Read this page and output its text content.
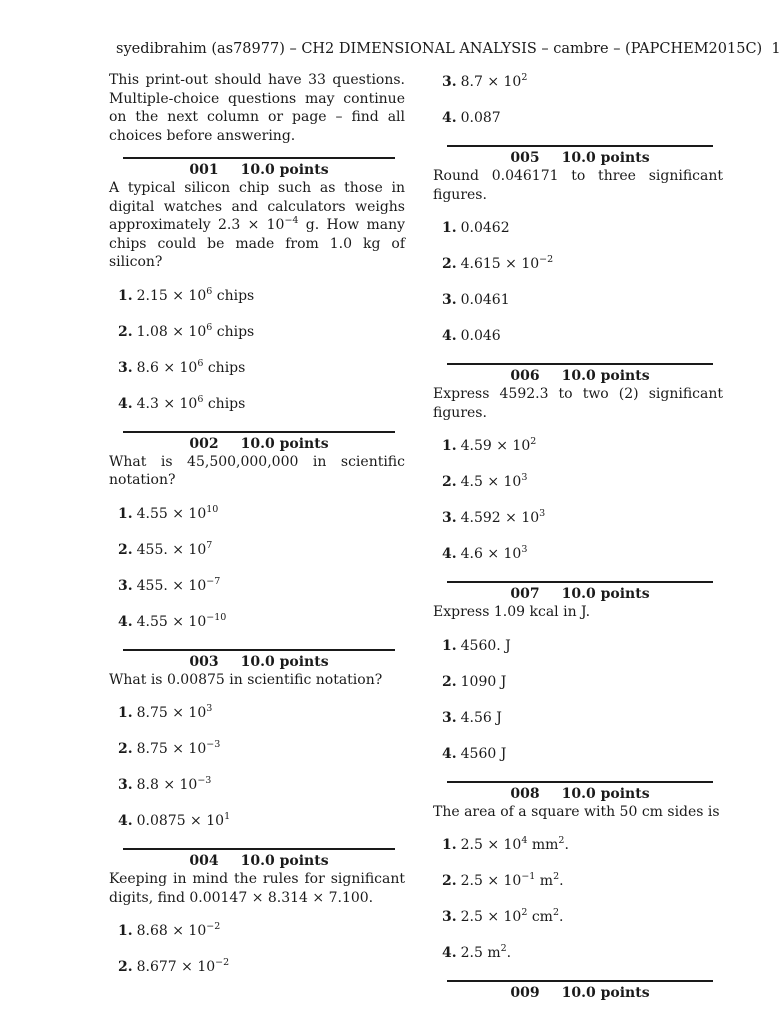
syedibrahim (as78977) – CH2 DIMENSIONAL ANALYSIS – cambre – (PAPCHEM2015C) 1

This print-out should have 33 questions. Multiple-choice questions may continue on the next column or page – find all choices before answering.

001 10.0 points
A typical silicon chip such as those in digital watches and calculators weighs approximately $2.3 \times 10^{-4}$ g. How many chips could be made from 1.0 kg of silicon?
1. $2.15 \times 10^6$ chips
2. $1.08 \times 10^6$ chips
3. $8.6 \times 10^6$ chips
4. $4.3 \times 10^6$ chips
002 10.0 points
What is 45,500,000,000 in scientific notation?
1. $4.55 \times 10^{10}$
2. 455. × $10^7$
3. 455. × $10^{-7}$
4. $4.55 \times 10^{-10}$
003 10.0 points
What is 0.00875 in scientific notation?
1. $8.75 \times 10^3$
2. $8.75 \times 10^{-3}$
3. $8.8 \times 10^{-3}$
4. $0.0875 \times 10^1$
004 10.0 points
Keeping in mind the rules for significant digits, find 0.00147 × 8.314 × 7.100.
1. $8.68 \times 10^{-2}$
2. $8.677 \times 10^{-2}$
3. $8.7 \times 10^2$
4. 0.087
005 10.0 points
Round 0.046171 to three significant figures.
1. 0.0462
2. $4.615 \times 10^{-2}$
3. 0.0461
4. 0.046
006 10.0 points
Express 4592.3 to two (2) significant figures.
1. $4.59 \times 10^2$
2. $4.5 \times 10^3$
3. $4.592 \times 10^3$
4. $4.6 \times 10^3$
007 10.0 points
Express 1.09 kcal in J.
1. 4560. J
2. 1090 J
3. 4.56 J
4. 4560 J
008 10.0 points
The area of a square with 50 cm sides is
1. $2.5 \times 10^4$ $mm^2$.
2. $2.5 \times 10^{-1}$ $m^2$.
3. $2.5 \times 10^2$ $cm^2$.
4. 2.5 $m^2$.
009 10.0 points
